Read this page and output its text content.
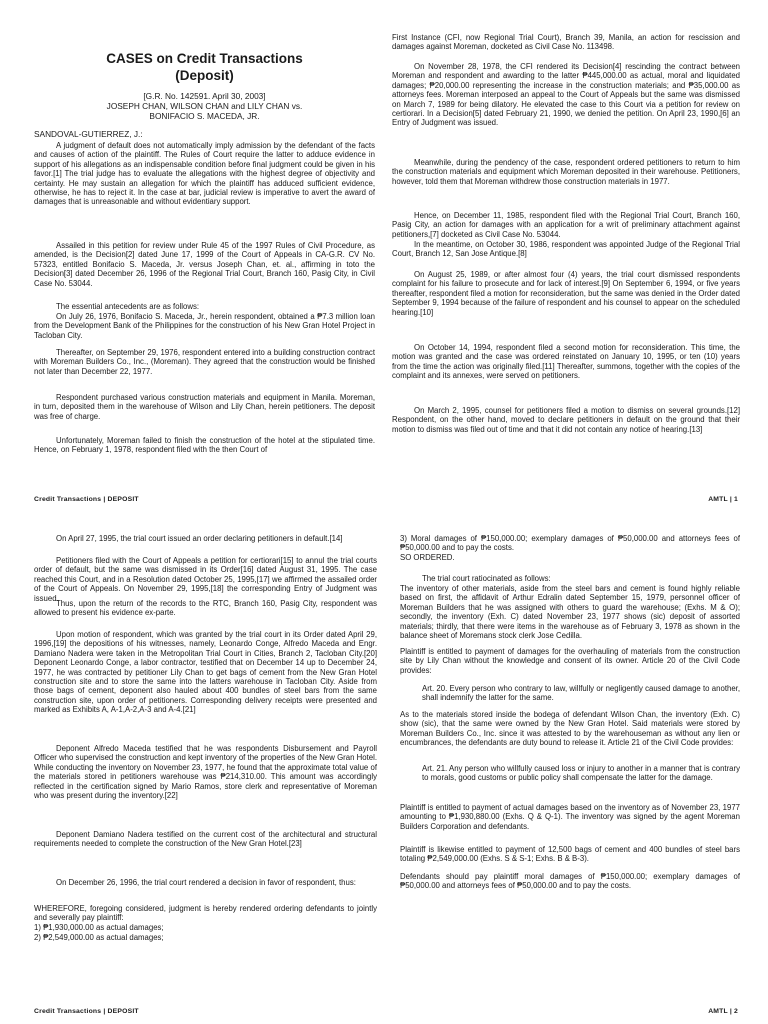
CASES on Credit Transactions
(Deposit)
[G.R. No. 142591. April 30, 2003]
JOSEPH CHAN, WILSON CHAN and LILY CHAN vs.
BONIFACIO S. MACEDA, JR.
SANDOVAL-GUTIERREZ, J.:

A judgment of default does not automatically imply admission by the defendant of the facts and causes of action of the plaintiff. The Rules of Court require the latter to adduce evidence in support of his allegations as an indispensable condition before final judgment could be given in his favor.[1] The trial judge has to evaluate the allegations with the highest degree of objectivity and certainty. He may sustain an allegation for which the plaintiff has adduced sufficient evidence, otherwise, he has to reject it. In the case at bar, judicial review is imperative to avert the award of damages that is unreasonable and without evidentiary support.

Assailed in this petition for review under Rule 45 of the 1997 Rules of Civil Procedure, as amended, is the Decision[2] dated June 17, 1999 of the Court of Appeals in CA-G.R. CV No. 57323, entitled Bonifacio S. Maceda, Jr. versus Joseph Chan, et. al., affirming in toto the Decision[3] dated December 26, 1996 of the Regional Trial Court, Branch 160, Pasig City, in Civil Case No. 53044.

The essential antecedents are as follows:

On July 26, 1976, Bonifacio S. Maceda, Jr., herein respondent, obtained a ₱7.3 million loan from the Development Bank of the Philippines for the construction of his New Gran Hotel Project in Tacloban City.

Thereafter, on September 29, 1976, respondent entered into a building construction contract with Moreman Builders Co., Inc., (Moreman). They agreed that the construction would be finished not later than December 22, 1977.

Respondent purchased various construction materials and equipment in Manila. Moreman, in turn, deposited them in the warehouse of Wilson and Lily Chan, herein petitioners. The deposit was free of charge.

Unfortunately, Moreman failed to finish the construction of the hotel at the stipulated time. Hence, on February 1, 1978, respondent filed with the then Court of

First Instance (CFI, now Regional Trial Court), Branch 39, Manila, an action for rescission and damages against Moreman, docketed as Civil Case No. 113498.

On November 28, 1978, the CFI rendered its Decision[4] rescinding the contract between Moreman and respondent and awarding to the latter ₱445,000.00 as actual, moral and liquidated damages; ₱20,000.00 representing the increase in the construction materials; and ₱35,000.00 as attorneys fees. Moreman interposed an appeal to the Court of Appeals but the same was dismissed on March 7, 1989 for being dilatory. He elevated the case to this Court via a petition for review on certiorari. In a Decision[5] dated February 21, 1990, we denied the petition. On April 23, 1990,[6] an Entry of Judgment was issued.

Meanwhile, during the pendency of the case, respondent ordered petitioners to return to him the construction materials and equipment which Moreman deposited in their warehouse. Petitioners, however, told them that Moreman withdrew those construction materials in 1977.

Hence, on December 11, 1985, respondent filed with the Regional Trial Court, Branch 160, Pasig City, an action for damages with an application for a writ of preliminary attachment against petitioners,[7] docketed as Civil Case No. 53044.

In the meantime, on October 30, 1986, respondent was appointed Judge of the Regional Trial Court, Branch 12, San Jose Antique.[8]

On August 25, 1989, or after almost four (4) years, the trial court dismissed respondents complaint for his failure to prosecute and for lack of interest.[9] On September 6, 1994, or five years thereafter, respondent filed a motion for reconsideration, but the same was denied in the Order dated September 9, 1994 because of the failure of respondent and his counsel to appear on the scheduled hearing.[10]

On October 14, 1994, respondent filed a second motion for reconsideration. This time, the motion was granted and the case was ordered reinstated on January 10, 1995, or ten (10) years from the time the action was originally filed.[11] Thereafter, summons, together with the copies of the complaint and its annexes, were served on petitioners.

On March 2, 1995, counsel for petitioners filed a motion to dismiss on several grounds.[12] Respondent, on the other hand, moved to declare petitioners in default on the ground that their motion to dismiss was filed out of time and that it did not contain any notice of hearing.[13]

Credit Transactions | DEPOSIT	AMTL | 1

On April 27, 1995, the trial court issued an order declaring petitioners in default.[14]

Petitioners filed with the Court of Appeals a petition for certiorari[15] to annul the trial courts order of default, but the same was dismissed in its Order[16] dated August 31, 1995. The case reached this Court, and in a Resolution dated October 25, 1995,[17] we affirmed the assailed order of the Court of Appeals. On November 29, 1995,[18] the corresponding Entry of Judgment was issued.

Thus, upon the return of the records to the RTC, Branch 160, Pasig City, respondent was allowed to present his evidence ex-parte.

Upon motion of respondent, which was granted by the trial court in its Order dated April 29, 1996,[19] the depositions of his witnesses, namely, Leonardo Conge, Alfredo Maceda and Engr. Damiano Nadera were taken in the Metropolitan Trial Court in Cities, Branch 2, Tacloban City.[20] Deponent Leonardo Conge, a labor contractor, testified that on December 14 up to December 24, 1977, he was contracted by petitioner Lily Chan to get bags of cement from the New Gran Hotel construction site and to store the same into the latters warehouse in Tacloban City. Aside from those bags of cement, deponent also hauled about 400 bundles of steel bars from the same construction site, upon order of petitioners. Corresponding delivery receipts were presented and marked as Exhibits A, A-1,A-2,A-3 and A-4.[21]

Deponent Alfredo Maceda testified that he was respondents Disbursement and Payroll Officer who supervised the construction and kept inventory of the properties of the New Gran Hotel. While conducting the inventory on November 23, 1977, he found that the approximate total value of the materials stored in petitioners warehouse was ₱214,310.00. This amount was accordingly reflected in the certification signed by Mario Ramos, store clerk and representative of Moreman who was present during the inventory.[22]

Deponent Damiano Nadera testified on the current cost of the architectural and structural requirements needed to complete the construction of the New Gran Hotel.[23]

On December 26, 1996, the trial court rendered a decision in favor of respondent, thus:

WHEREFORE, foregoing considered, judgment is hereby rendered ordering defendants to jointly and severally pay plaintiff:

1) ₱1,930,000.00 as actual damages;

2) ₱2,549,000.00 as actual damages;

3) Moral damages of ₱150,000.00; exemplary damages of ₱50,000.00 and attorneys fees of ₱50,000.00 and to pay the costs.

SO ORDERED.

The trial court ratiocinated as follows:

The inventory of other materials, aside from the steel bars and cement is found highly reliable based on first, the affidavit of Arthur Edralin dated September 15, 1979, personnel officer of Moreman Builders that he was assigned with others to guard the warehouse; (Exhs. M & O); secondly, the inventory (Exh. C) dated November 23, 1977 shows (sic) deposit of assorted materials; thirdly, that there were items in the warehouse as of February 3, 1978 as shown in the balance sheet of Moremans stock clerk Jose Cedilla.

Plaintiff is entitled to payment of damages for the overhauling of materials from the construction site by Lily Chan without the knowledge and consent of its owner. Article 20 of the Civil Code provides:

Art. 20. Every person who contrary to law, willfully or negligently caused damage to another, shall indemnify the latter for the same.

As to the materials stored inside the bodega of defendant Wilson Chan, the inventory (Exh. C) show (sic), that the same were owned by the New Gran Hotel. Said materials were stored by Moreman Builders Co., Inc. since it was attested to by the warehouseman as without any lien or encumbrances, the defendants are duty bound to release it. Article 21 of the Civil Code provides:

Art. 21. Any person who willfully caused loss or injury to another in a manner that is contrary to morals, good customs or public policy shall compensate the latter for the damage.

Plaintiff is entitled to payment of actual damages based on the inventory as of November 23, 1977 amounting to ₱1,930,880.00 (Exhs. Q & Q-1). The inventory was signed by the agent Moreman Builders Corporation and defendants.

Plaintiff is likewise entitled to payment of 12,500 bags of cement and 400 bundles of steel bars totaling ₱2,549,000.00 (Exhs. S & S-1; Exhs. B & B-3).

Defendants should pay plaintiff moral damages of ₱150,000.00; exemplary damages of ₱50,000.00 and attorneys fees of ₱50,000.00 and to pay the costs.

Credit Transactions | DEPOSIT	AMTL | 2
